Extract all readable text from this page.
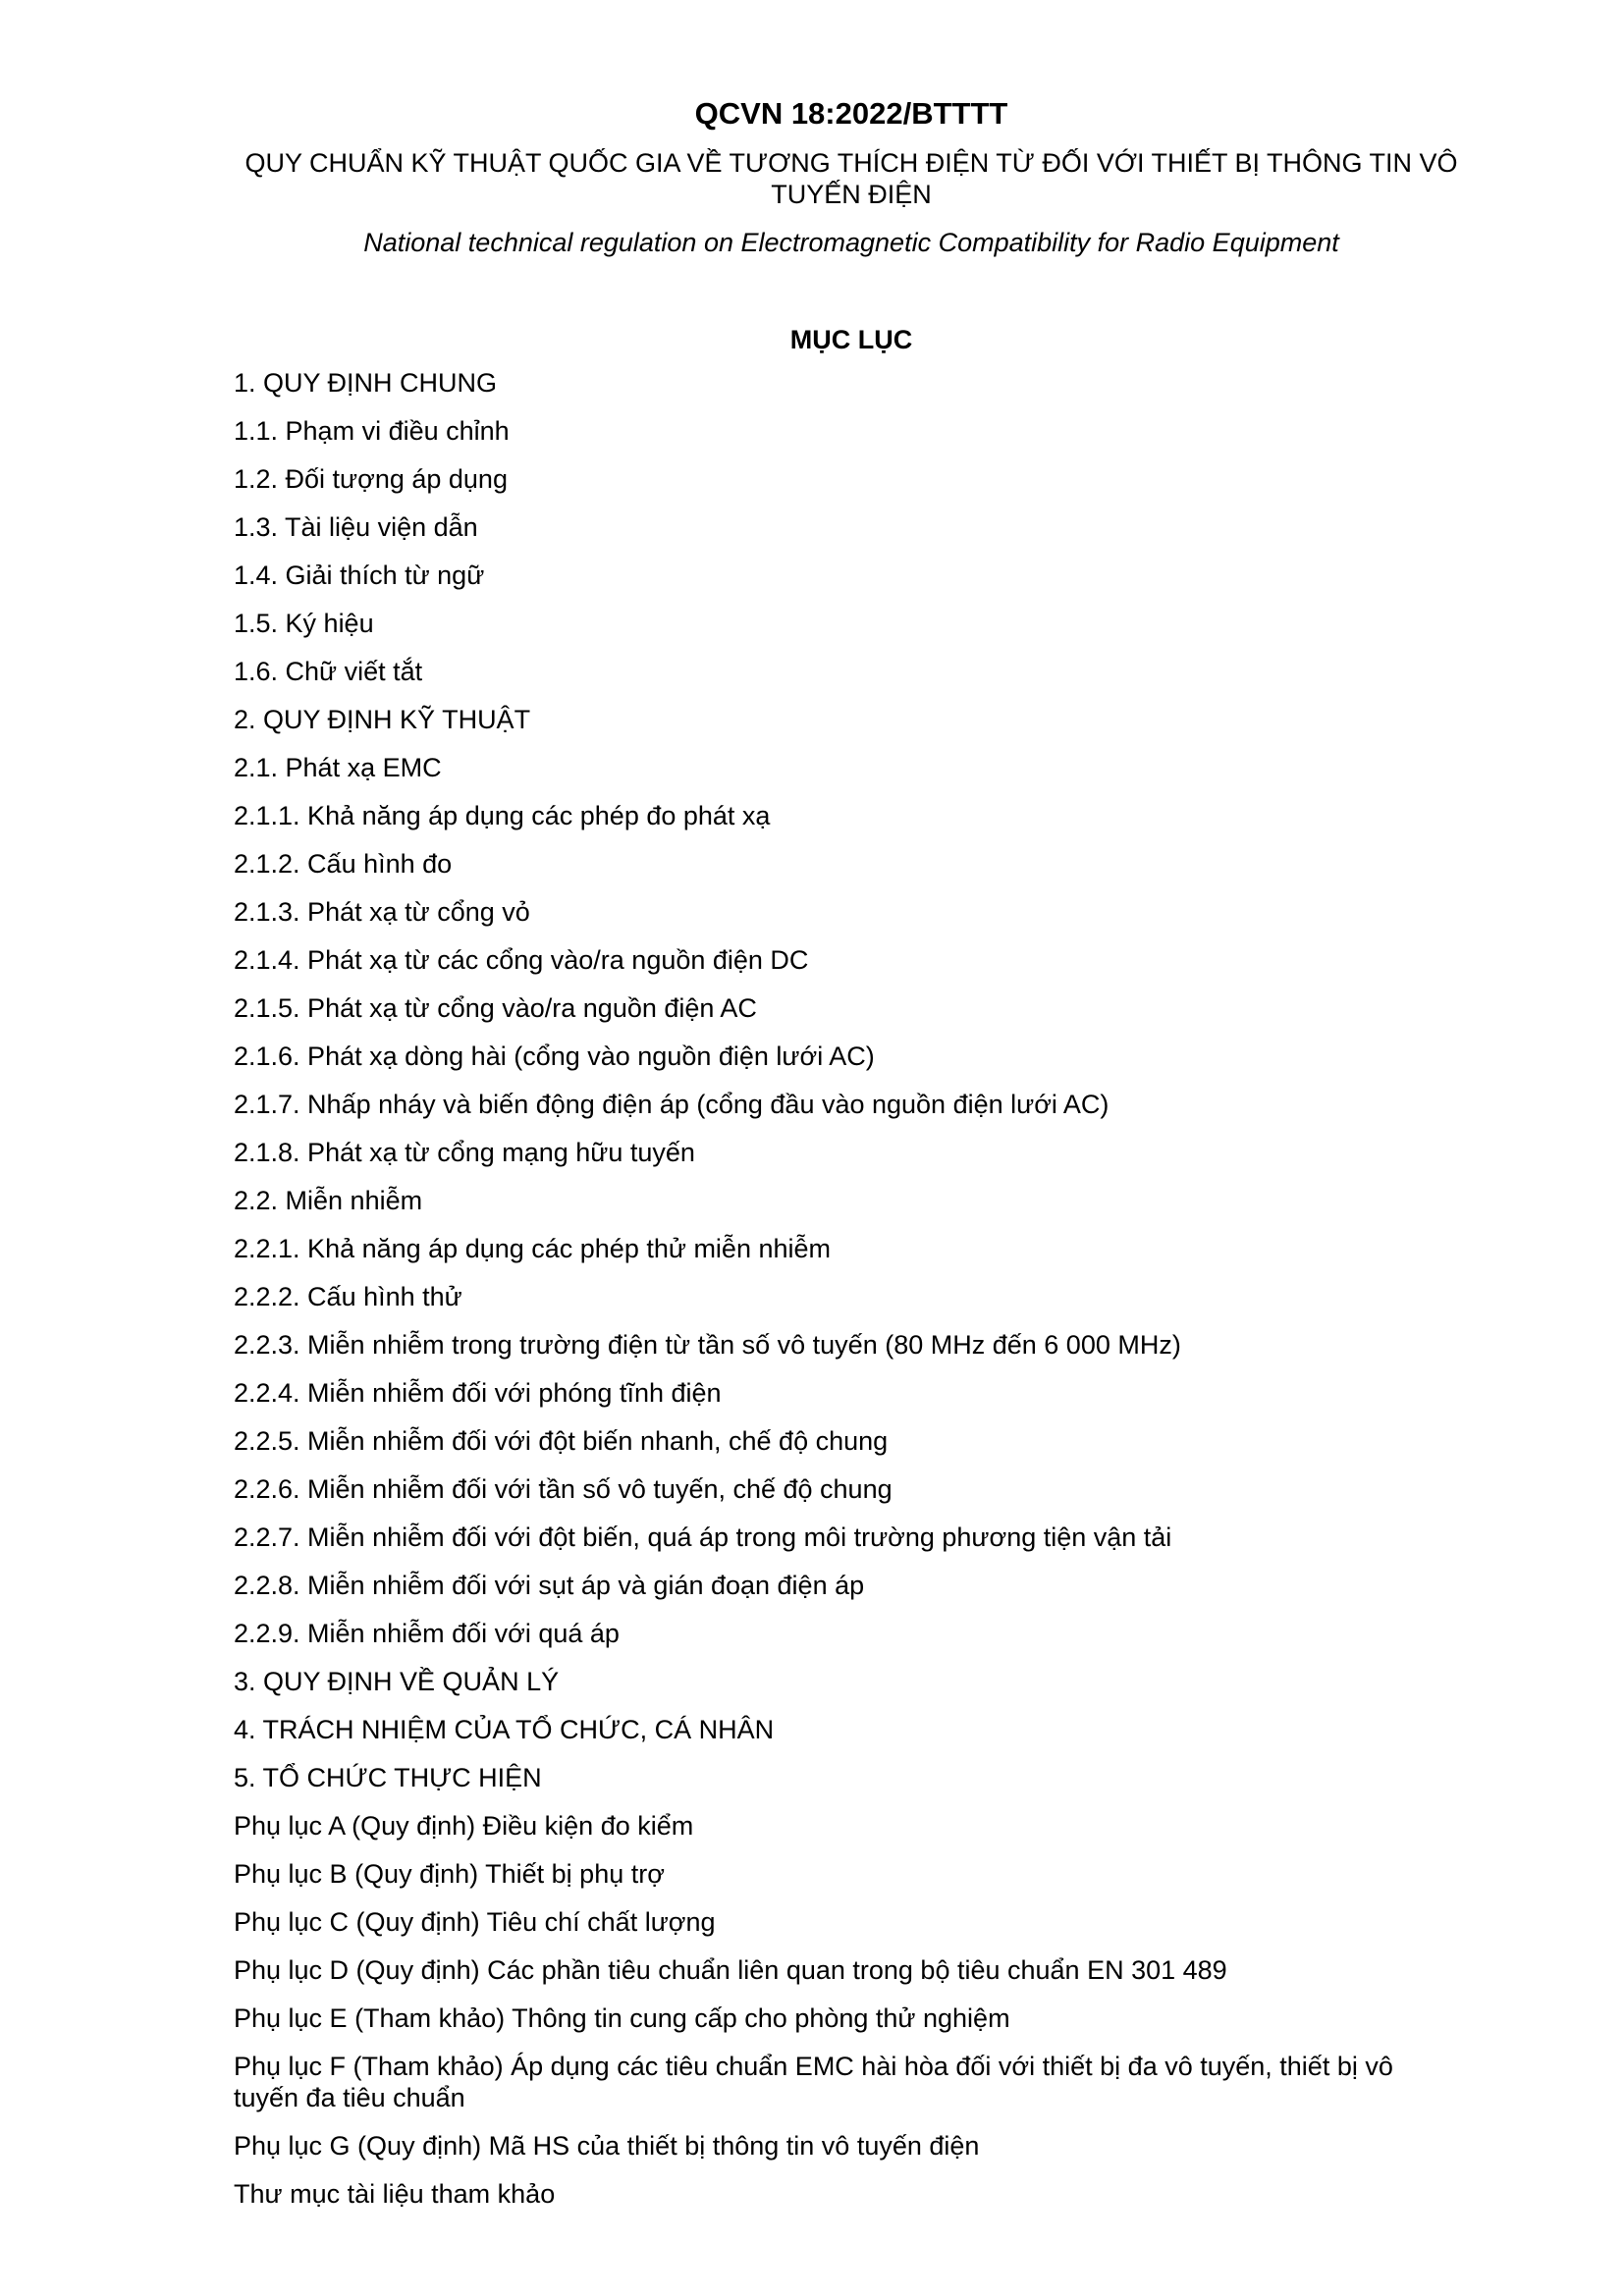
QCVN 18:2022/BTTTT
QUY CHUẨN KỸ THUẬT QUỐC GIA VỀ TƯƠNG THÍCH ĐIỆN TỪ ĐỐI VỚI THIẾT BỊ THÔNG TIN VÔ TUYẾN ĐIỆN
National technical regulation on Electromagnetic Compatibility for Radio Equipment
MỤC LỤC
1. QUY ĐỊNH CHUNG
1.1. Phạm vi điều chỉnh
1.2. Đối tượng áp dụng
1.3. Tài liệu viện dẫn
1.4. Giải thích từ ngữ
1.5. Ký hiệu
1.6. Chữ viết tắt
2. QUY ĐỊNH KỸ THUẬT
2.1. Phát xạ EMC
2.1.1. Khả năng áp dụng các phép đo phát xạ
2.1.2. Cấu hình đo
2.1.3. Phát xạ từ cổng vỏ
2.1.4. Phát xạ từ các cổng vào/ra nguồn điện DC
2.1.5. Phát xạ từ cổng vào/ra nguồn điện AC
2.1.6. Phát xạ dòng hài (cổng vào nguồn điện lưới AC)
2.1.7. Nhấp nháy và biến động điện áp (cổng đầu vào nguồn điện lưới AC)
2.1.8. Phát xạ từ cổng mạng hữu tuyến
2.2. Miễn nhiễm
2.2.1. Khả năng áp dụng các phép thử miễn nhiễm
2.2.2. Cấu hình thử
2.2.3. Miễn nhiễm trong trường điện từ tần số vô tuyến (80 MHz đến 6 000 MHz)
2.2.4. Miễn nhiễm đối với phóng tĩnh điện
2.2.5. Miễn nhiễm đối với đột biến nhanh, chế độ chung
2.2.6. Miễn nhiễm đối với tần số vô tuyến, chế độ chung
2.2.7. Miễn nhiễm đối với đột biến, quá áp trong môi trường phương tiện vận tải
2.2.8. Miễn nhiễm đối với sụt áp và gián đoạn điện áp
2.2.9. Miễn nhiễm đối với quá áp
3. QUY ĐỊNH VỀ QUẢN LÝ
4. TRÁCH NHIỆM CỦA TỔ CHỨC, CÁ NHÂN
5. TỔ CHỨC THỰC HIỆN
Phụ lục A (Quy định) Điều kiện đo kiểm
Phụ lục B (Quy định) Thiết bị phụ trợ
Phụ lục C (Quy định) Tiêu chí chất lượng
Phụ lục D (Quy định) Các phần tiêu chuẩn liên quan trong bộ tiêu chuẩn EN 301 489
Phụ lục E (Tham khảo) Thông tin cung cấp cho phòng thử nghiệm
Phụ lục F (Tham khảo) Áp dụng các tiêu chuẩn EMC hài hòa đối với thiết bị đa vô tuyến, thiết bị vô tuyến đa tiêu chuẩn
Phụ lục G (Quy định) Mã HS của thiết bị thông tin vô tuyến điện
Thư mục tài liệu tham khảo
